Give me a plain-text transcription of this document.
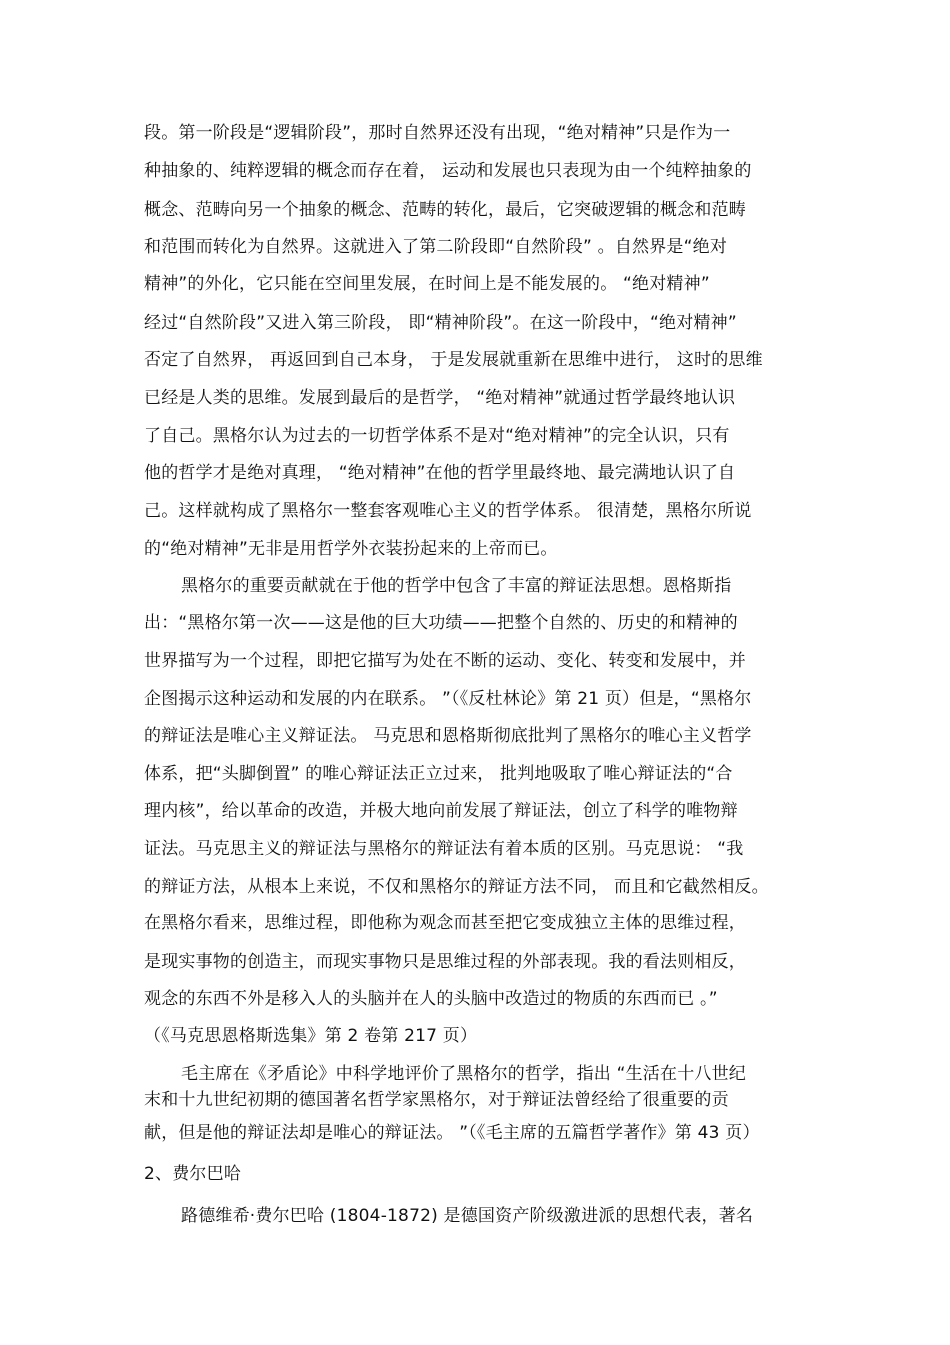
段。第一阶段是“逻辑阶段”，那时自然界还没有出现，“绝对精神”只是作为一
种抽象的、纯粹逻辑的概念而存在着， 运动和发展也只表现为由一个纯粹抽象的
概念、范畴向另一个抽象的概念、范畴的转化，最后，它突破逻辑的概念和范畴
和范围而转化为自然界。这就进入了第二阶段即“自然阶段” 。自然界是“绝对
精神”的外化，它只能在空间里发展，在时间上是不能发展的。 “绝对精神”
经过“自然阶段”又进入第三阶段， 即“精神阶段”。在这一阶段中，“绝对精神”
否定了自然界， 再返回到自己本身， 于是发展就重新在思维中进行， 这时的思维
已经是人类的思维。发展到最后的是哲学， “绝对精神”就通过哲学最终地认识
了自己。黑格尔认为过去的一切哲学体系不是对“绝对精神”的完全认识，只有
他的哲学才是绝对真理， “绝对精神”在他的哲学里最终地、最完满地认识了自
己。这样就构成了黑格尔一整套客观唯心主义的哲学体系。 很清楚，黑格尔所说
的“绝对精神”无非是用哲学外衣装扮起来的上帝而已。
黑格尔的重要贡献就在于他的哲学中包含了丰富的辩证法思想。恩格斯指
出：“黑格尔第一次——这是他的巨大功绩——把整个自然的、历史的和精神的
世界描写为一个过程，即把它描写为处在不断的运动、变化、转变和发展中，并
企图揭示这种运动和发展的内在联系。 ”（《反杜林论》第 21 页）但是，“黑格尔
的辩证法是唯心主义辩证法。 马克思和恩格斯彻底批判了黑格尔的唯心主义哲学
体系，把“头脚倒置” 的唯心辩证法正立过来， 批判地吸取了唯心辩证法的“合
理内核”，给以革命的改造，并极大地向前发展了辩证法，创立了科学的唯物辩
证法。马克思主义的辩证法与黑格尔的辩证法有着本质的区别。马克思说： “我
的辩证方法，从根本上来说，不仅和黑格尔的辩证方法不同， 而且和它截然相反。
在黑格尔看来，思维过程，即他称为观念而甚至把它变成独立主体的思维过程，
是现实事物的创造主，而现实事物只是思维过程的外部表现。我的看法则相反，
观念的东西不外是移入人的头脑并在人的头脑中改造过的物质的东西而已 。”
（《马克思恩格斯选集》第 2 卷第 217 页）
毛主席在《矛盾论》中科学地评价了黑格尔的哲学，指出 “生活在十八世纪
末和十九世纪初期的德国著名哲学家黑格尔，对于辩证法曾经给了很重要的贡
献，但是他的辩证法却是唯心的辩证法。 ”（《毛主席的五篇哲学著作》第 43 页）
2、费尔巴哈
路德维希·费尔巴哈 (1804-1872) 是德国资产阶级激进派的思想代表，著名
